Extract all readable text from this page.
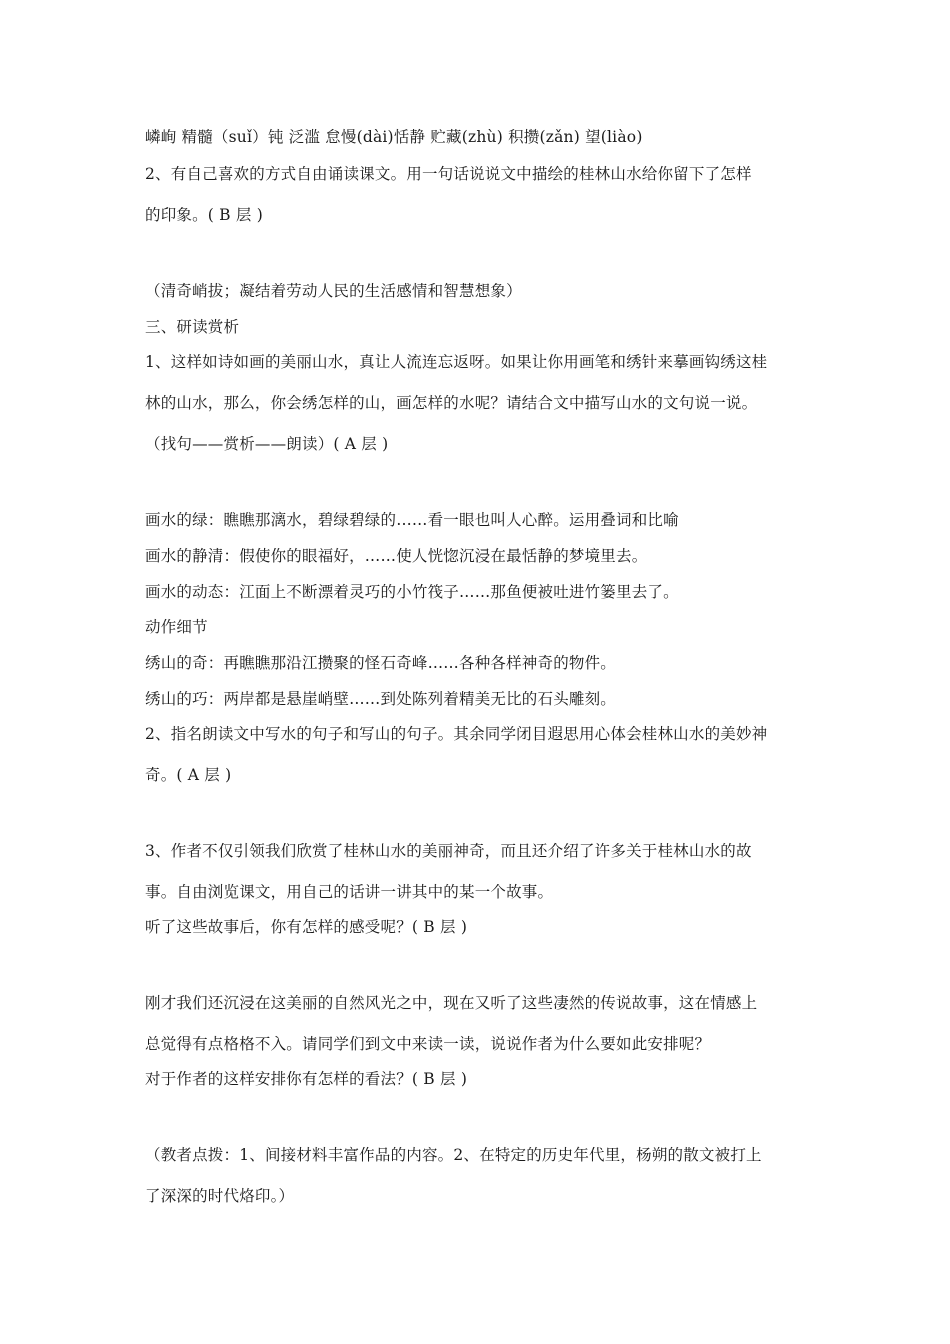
嶙峋 精髓（suǐ）钝 泛滥 怠慢(dài)恬静 贮藏(zhù) 积攒(zǎn) 望(liào)
2、有自己喜欢的方式自由诵读课文。用一句话说说文中描绘的桂林山水给你留下了怎样
的印象。( B 层 )
（清奇峭拔；凝结着劳动人民的生活感情和智慧想象）
三、研读赏析
1、这样如诗如画的美丽山水，真让人流连忘返呀。如果让你用画笔和绣针来摹画钩绣这桂
林的山水，那么，你会绣怎样的山，画怎样的水呢？请结合文中描写山水的文句说一说。
（找句——赏析——朗读）( A 层 )
画水的绿：瞧瞧那漓水，碧绿碧绿的……看一眼也叫人心醉。运用叠词和比喻
画水的静清：假使你的眼福好，……使人恍惚沉浸在最恬静的梦境里去。
画水的动态：江面上不断漂着灵巧的小竹筏子……那鱼便被吐进竹篓里去了。
动作细节
绣山的奇：再瞧瞧那沿江攒聚的怪石奇峰……各种各样神奇的物件。
绣山的巧：两岸都是悬崖峭壁……到处陈列着精美无比的石头雕刻。
2、指名朗读文中写水的句子和写山的句子。其余同学闭目遐思用心体会桂林山水的美妙神
奇。( A 层 )
3、作者不仅引领我们欣赏了桂林山水的美丽神奇，而且还介绍了许多关于桂林山水的故
事。自由浏览课文，用自己的话讲一讲其中的某一个故事。
听了这些故事后，你有怎样的感受呢？( B 层 )
刚才我们还沉浸在这美丽的自然风光之中，现在又听了这些凄然的传说故事，这在情感上
总觉得有点格格不入。请同学们到文中来读一读，说说作者为什么要如此安排呢？
对于作者的这样安排你有怎样的看法？( B 层 )
（教者点拨：1、间接材料丰富作品的内容。2、在特定的历史年代里，杨朔的散文被打上
了深深的时代烙印。）
